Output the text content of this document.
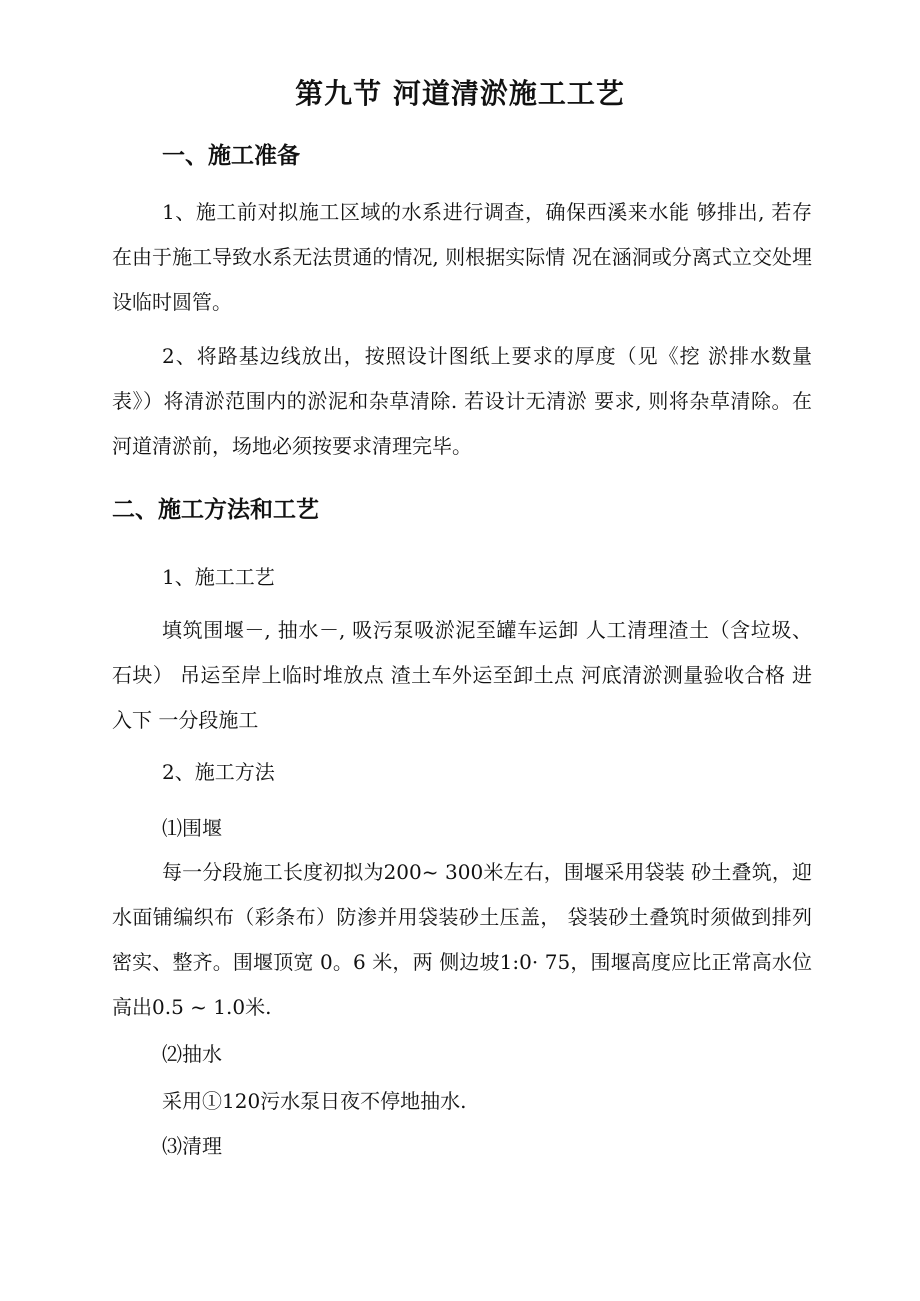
第九节 河道清淤施工工艺
一、施工准备
1、施工前对拟施工区域的水系进行调查，确保西溪来水能 够排出, 若存在由于施工导致水系无法贯通的情况, 则根据实际情 况在涵洞或分离式立交处埋设临时圆管。
2、将路基边线放出，按照设计图纸上要求的厚度（见《挖 淤排水数量表》）将清淤范围内的淤泥和杂草清除. 若设计无清淤 要求, 则将杂草清除。在河道清淤前，场地必须按要求清理完毕。
二、施工方法和工艺
1、施工工艺
填筑围堰－, 抽水－, 吸污泵吸淤泥至罐车运卸 人工清理渣土（含垃圾、石块） 吊运至岸上临时堆放点 渣土车外运至卸土点 河底清淤测量验收合格 进入下 一分段施工
2、施工方法
⑴围堰
每一分段施工长度初拟为200~ 300米左右，围堰采用袋装 砂土叠筑，迎水面铺编织布（彩条布）防渗并用袋装砂土压盖， 袋装砂土叠筑时须做到排列密实、整齐。围堰顶宽 0。6 米，两 侧边坡1:0· 75，围堰高度应比正常高水位高出0.5 ~ 1.0米.
⑵抽水
采用①120污水泵日夜不停地抽水.
⑶清理
